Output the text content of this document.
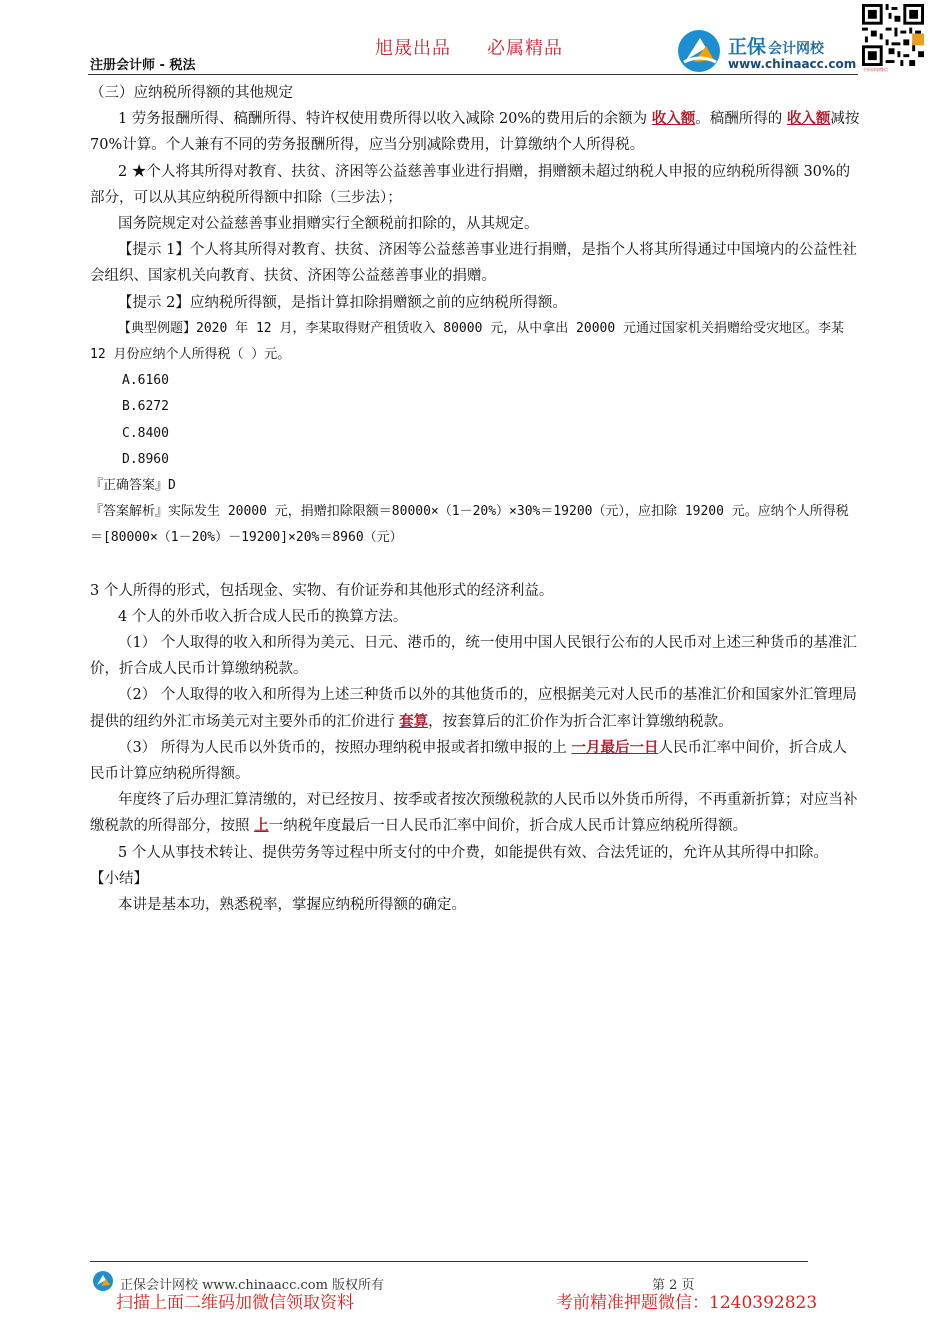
旭晟出品 必属精品
注册会计师 - 税法
正保 会计网校
www.chinaacc.com 扫码添加微信

（三）应纳税所得额的其他规定

1 劳务报酬所得、稿酬所得、特许权使用费所得以收入减除 20%的费用后的余额为 收入额。稿酬所得的 收入额减按 70%计算。个人兼有不同的劳务报酬所得，应当分别减除费用，计算缴纳个人所得税。

2 ★个人将其所得对教育、扶贫、济困等公益慈善事业进行捐赠，捐赠额未超过纳税人申报的应纳税所得额 30%的部分，可以从其应纳税所得额中扣除（三步法）；

国务院规定对公益慈善事业捐赠实行全额税前扣除的，从其规定。

【提示 1】个人将其所得对教育、扶贫、济困等公益慈善事业进行捐赠，是指个人将其所得通过中国境内的公益性社会组织、国家机关向教育、扶贫、济困等公益慈善事业的捐赠。

【提示 2】应纳税所得额，是指计算扣除捐赠额之前的应纳税所得额。

【典型例题】2020 年 12 月，李某取得财产租赁收入 80000 元，从中拿出 20000 元通过国家机关捐赠给受灾地区。李某 12 月份应纳个人所得税（ ）元。

A.6160

B.6272

C.8400

D.8960

『正确答案』D

『答案解析』实际发生 20000 元，捐赠扣除限额＝80000×（1－20%）×30%＝19200（元），应扣除 19200 元。应纳个人所得税＝[80000×（1－20%）－19200]×20%＝8960（元）

3 个人所得的形式，包括现金、实物、有价证券和其他形式的经济利益。

4 个人的外币收入折合成人民币的换算方法。

（1） 个人取得的收入和所得为美元、日元、港币的，统一使用中国人民银行公布的人民币对上述三种货币的基准汇价，折合成人民币计算缴纳税款。

（2） 个人取得的收入和所得为上述三种货币以外的其他货币的，应根据美元对人民币的基准汇价和国家外汇管理局提供的纽约外汇市场美元对主要外币的汇价进行 套算，按套算后的汇价作为折合汇率计算缴纳税款。

（3） 所得为人民币以外货币的，按照办理纳税申报或者扣缴申报的上 一月最后一日人民币汇率中间价，折合成人民币计算应纳税所得额。

年度终了后办理汇算清缴的，对已经按月、按季或者按次预缴税款的人民币以外货币所得，不再重新折算；对应当补缴税款的所得部分，按照 上一纳税年度最后一日人民币汇率中间价，折合成人民币计算应纳税所得额。

5 个人从事技术转让、提供劳务等过程中所支付的中介费，如能提供有效、合法凭证的，允许从其所得中扣除。

【小结】

本讲是基本功，熟悉税率，掌握应纳税所得额的确定。

正保会计网校 www.chinaacc.com 版权所有	第 2 页
扫描上面二维码加微信领取资料	考前精准押题微信：1240392823
